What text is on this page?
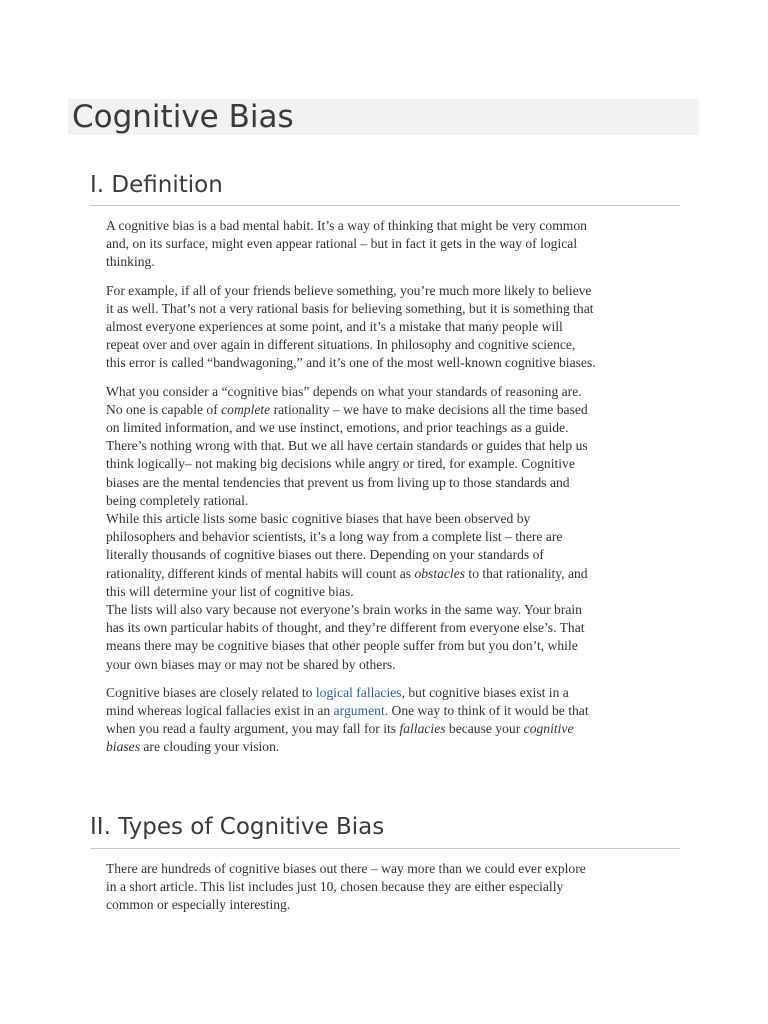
Cognitive Bias
I. Definition

A cognitive bias is a bad mental habit. It’s a way of thinking that might be very common
and, on its surface, might even appear rational – but in fact it gets in the way of logical
thinking.

For example, if all of your friends believe something, you’re much more likely to believe
it as well. That’s not a very rational basis for believing something, but it is something that
almost everyone experiences at some point, and it’s a mistake that many people will
repeat over and over again in different situations. In philosophy and cognitive science,
this error is called “bandwagoning,” and it’s one of the most well-known cognitive biases.

What you consider a “cognitive bias” depends on what your standards of reasoning are.
No one is capable of complete rationality – we have to make decisions all the time based
on limited information, and we use instinct, emotions, and prior teachings as a guide.
There’s nothing wrong with that. But we all have certain standards or guides that help us
think logically– not making big decisions while angry or tired, for example. Cognitive
biases are the mental tendencies that prevent us from living up to those standards and
being completely rational.
While this article lists some basic cognitive biases that have been observed by
philosophers and behavior scientists, it’s a long way from a complete list – there are
literally thousands of cognitive biases out there. Depending on your standards of
rationality, different kinds of mental habits will count as obstacles to that rationality, and
this will determine your list of cognitive bias.
The lists will also vary because not everyone’s brain works in the same way. Your brain
has its own particular habits of thought, and they’re different from everyone else’s. That
means there may be cognitive biases that other people suffer from but you don’t, while
your own biases may or may not be shared by others.

Cognitive biases are closely related to logical fallacies, but cognitive biases exist in a
mind whereas logical fallacies exist in an argument. One way to think of it would be that
when you read a faulty argument, you may fall for its fallacies because your cognitive
biases are clouding your vision.

II. Types of Cognitive Bias

There are hundreds of cognitive biases out there – way more than we could ever explore
in a short article. This list includes just 10, chosen because they are either especially
common or especially interesting.
